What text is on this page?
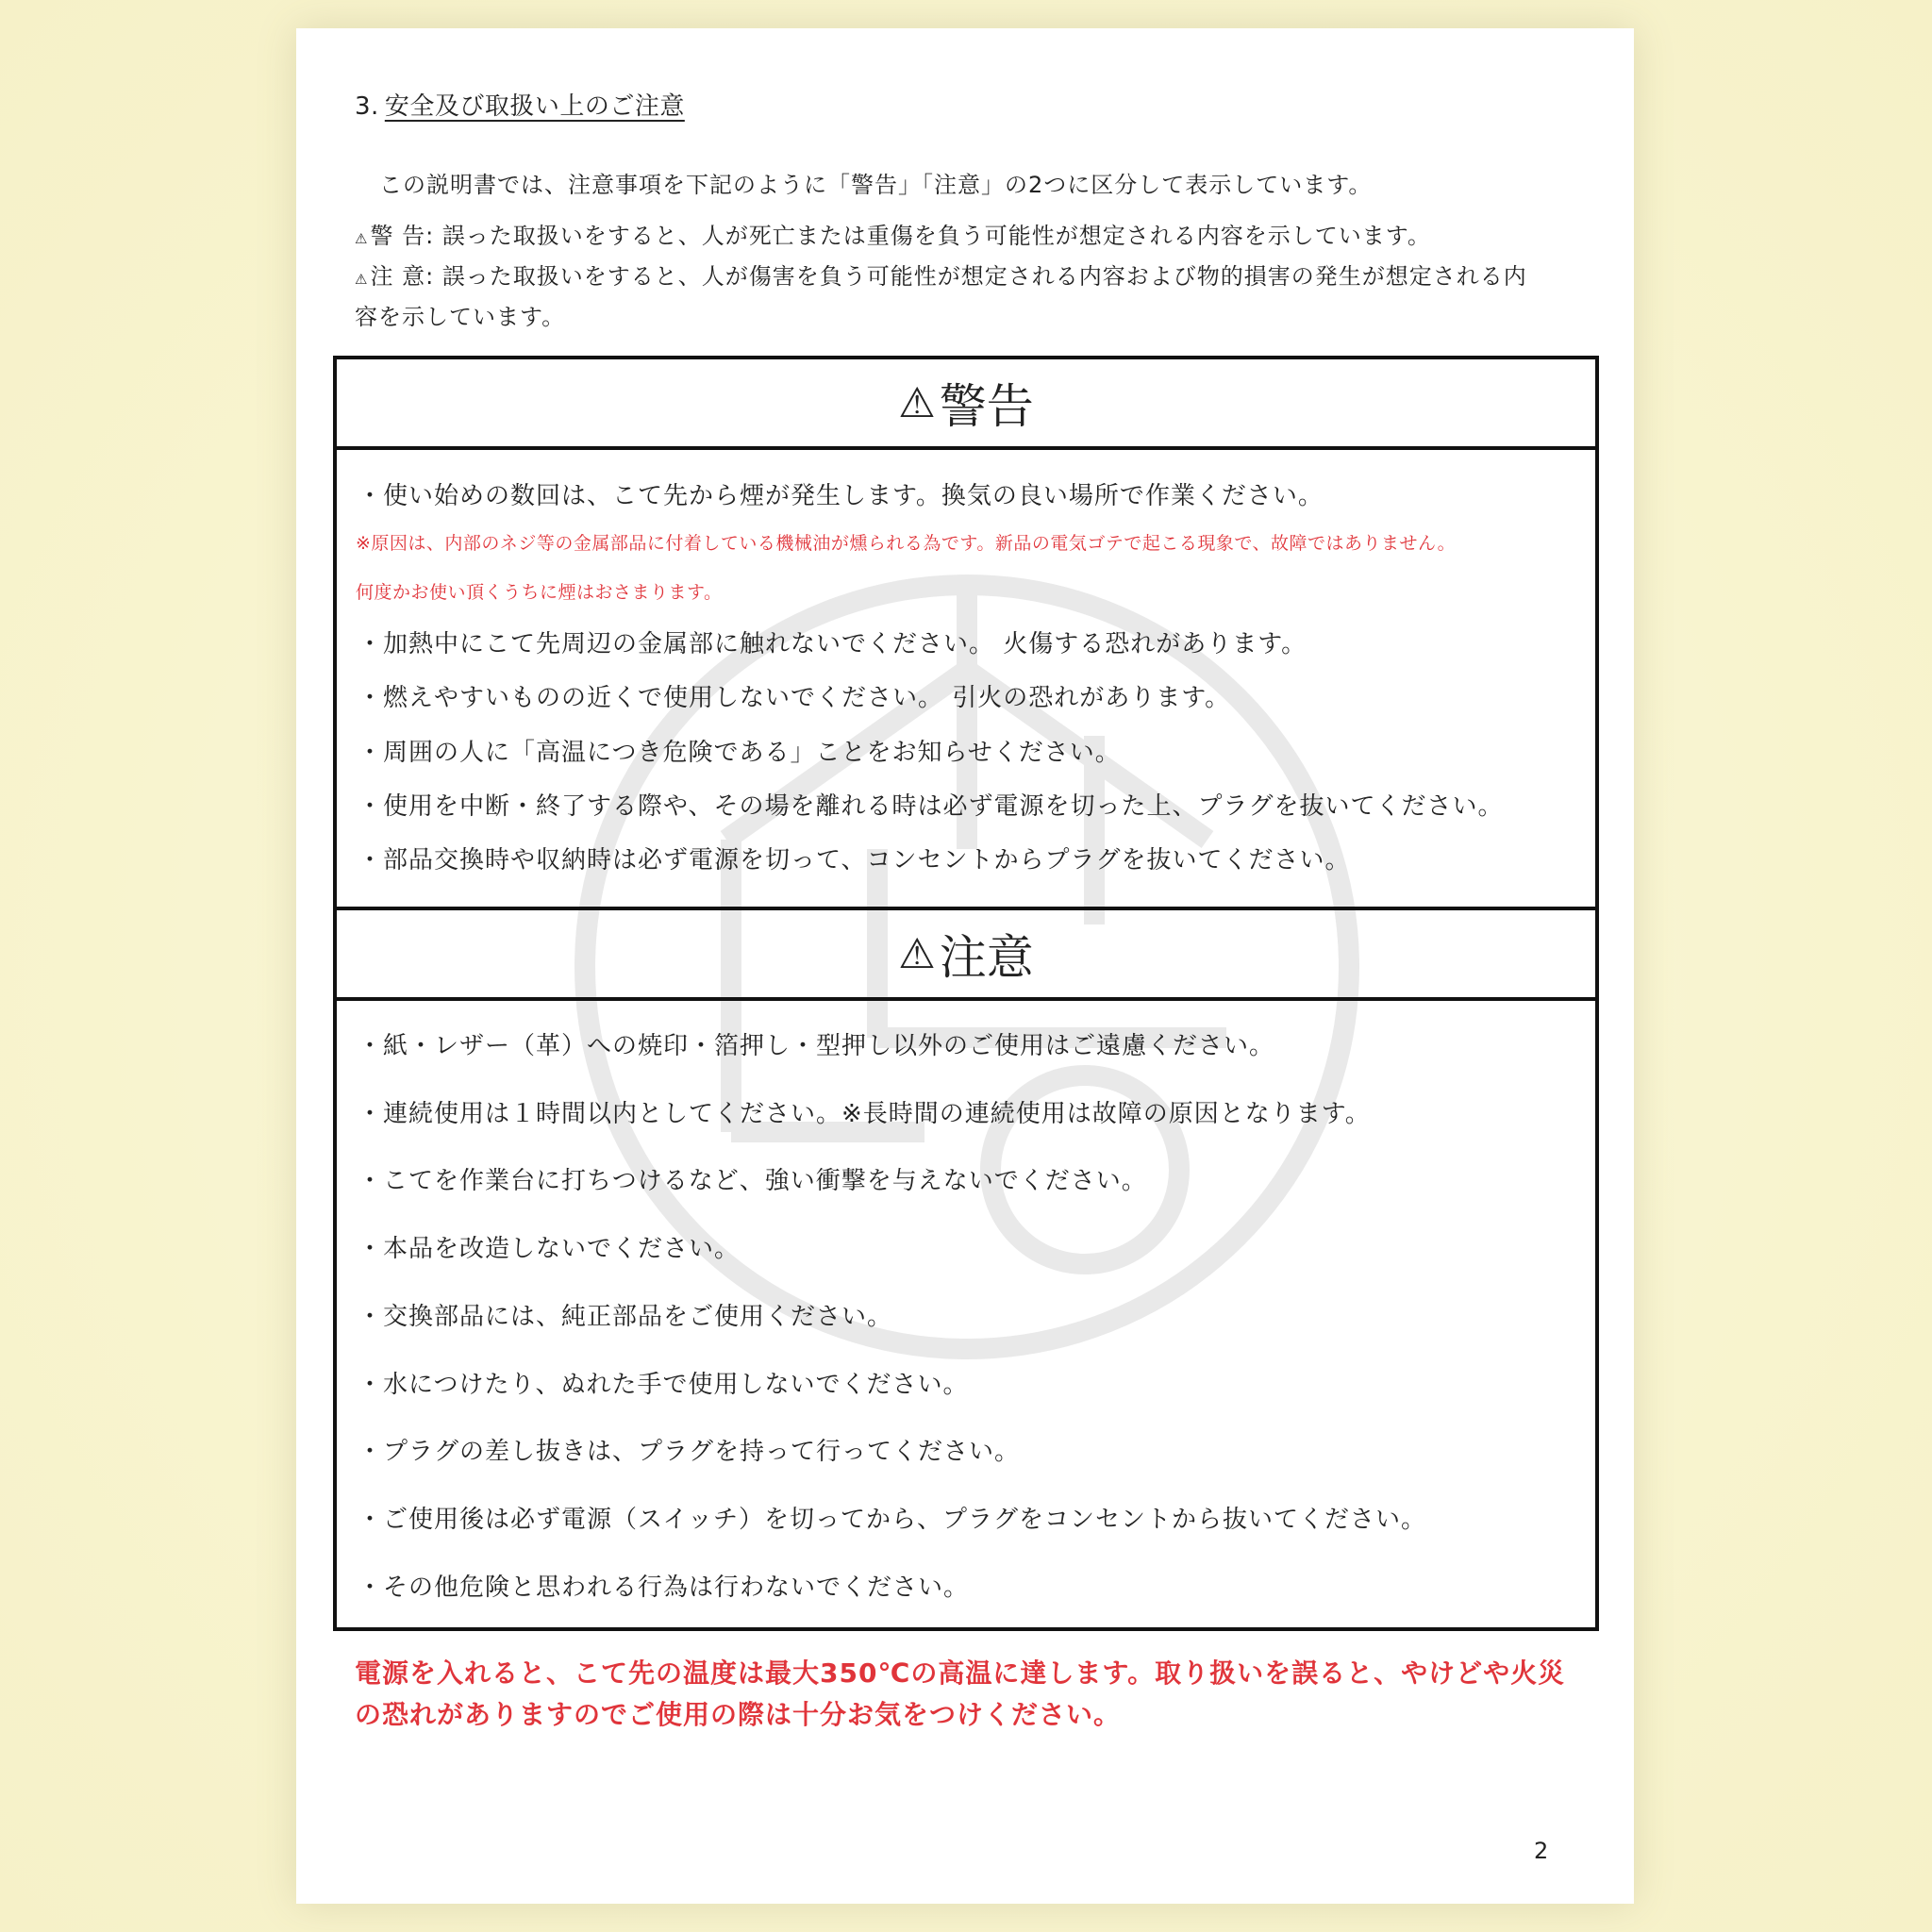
3. 安全及び取扱い上のご注意
この説明書では、注意事項を下記のように「警告」「注意」の2つに区分して表示しています。
⚠警 告: 誤った取扱いをすると、人が死亡または重傷を負う可能性が想定される内容を示しています。
⚠注 意: 誤った取扱いをすると、人が傷害を負う可能性が想定される内容および物的損害の発生が想定される内容を示しています。
⚠ 警告
・使い始めの数回は、こて先から煙が発生します。換気の良い場所で作業ください。
※原因は、内部のネジ等の金属部品に付着している機械油が燻られる為です。新品の電気ゴテで起こる現象で、故障ではありません。
何度かお使い頂くうちに煙はおさまります。
・加熱中にこて先周辺の金属部に触れないでください。 火傷する恐れがあります。
・燃えやすいものの近くで使用しないでください。 引火の恐れがあります。
・周囲の人に「高温につき危険である」ことをお知らせください。
・使用を中断・終了する際や、その場を離れる時は必ず電源を切った上、プラグを抜いてください。
・部品交換時や収納時は必ず電源を切って、コンセントからプラグを抜いてください。
⚠ 注意
・紙・レザー（革）への焼印・箔押し・型押し以外のご使用はご遠慮ください。
・連続使用は１時間以内としてください。※長時間の連続使用は故障の原因となります。
・こてを作業台に打ちつけるなど、強い衝撃を与えないでください。
・本品を改造しないでください。
・交換部品には、純正部品をご使用ください。
・水につけたり、ぬれた手で使用しないでください。
・プラグの差し抜きは、プラグを持って行ってください。
・ご使用後は必ず電源（スイッチ）を切ってから、プラグをコンセントから抜いてください。
・その他危険と思われる行為は行わないでください。
電源を入れると、こて先の温度は最大350℃の高温に達します。取り扱いを誤ると、やけどや火災の恐れがありますのでご使用の際は十分お気をつけください。
2
